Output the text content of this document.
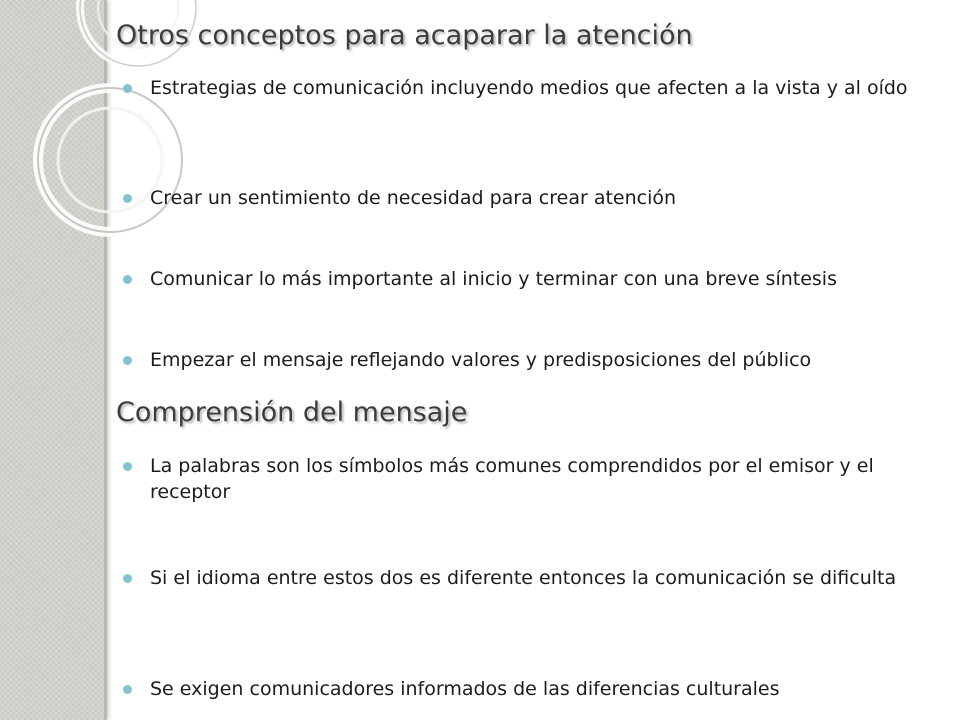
Otros conceptos para acaparar la atención
Estrategias de comunicación incluyendo medios que afecten a la vista y al oído
Crear un sentimiento de necesidad para crear atención
Comunicar lo más importante al inicio y terminar con una breve síntesis
Empezar el mensaje reflejando valores y predisposiciones del público
Comprensión del mensaje
La palabras son los símbolos más comunes comprendidos por el emisor y el receptor
Si el idioma entre estos dos es diferente entonces la comunicación se dificulta
Se exigen comunicadores informados de las diferencias culturales
